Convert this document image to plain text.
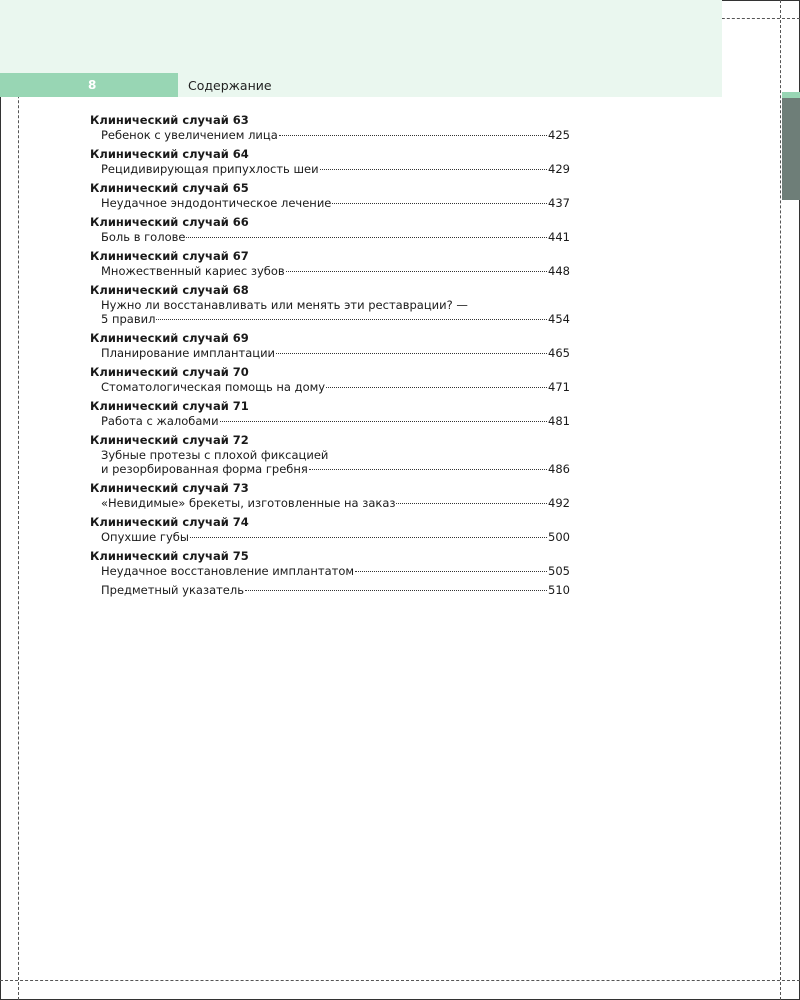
8	Содержание
Клинический случай 63
Ребенок с увеличением лица	425
Клинический случай 64
Рецидивирующая припухлость шеи	429
Клинический случай 65
Неудачное эндодонтическое лечение	437
Клинический случай 66
Боль в голове	441
Клинический случай 67
Множественный кариес зубов	448
Клинический случай 68
Нужно ли восстанавливать или менять эти реставрации? —
5 правил	454
Клинический случай 69
Планирование имплантации	465
Клинический случай 70
Стоматологическая помощь на дому	471
Клинический случай 71
Работа с жалобами	481
Клинический случай 72
Зубные протезы с плохой фиксацией
и резорбированная форма гребня	486
Клинический случай 73
«Невидимые» брекеты, изготовленные на заказ	492
Клинический случай 74
Опухшие губы	500
Клинический случай 75
Неудачное восстановление имплантатом	505
Предметный указатель	510
